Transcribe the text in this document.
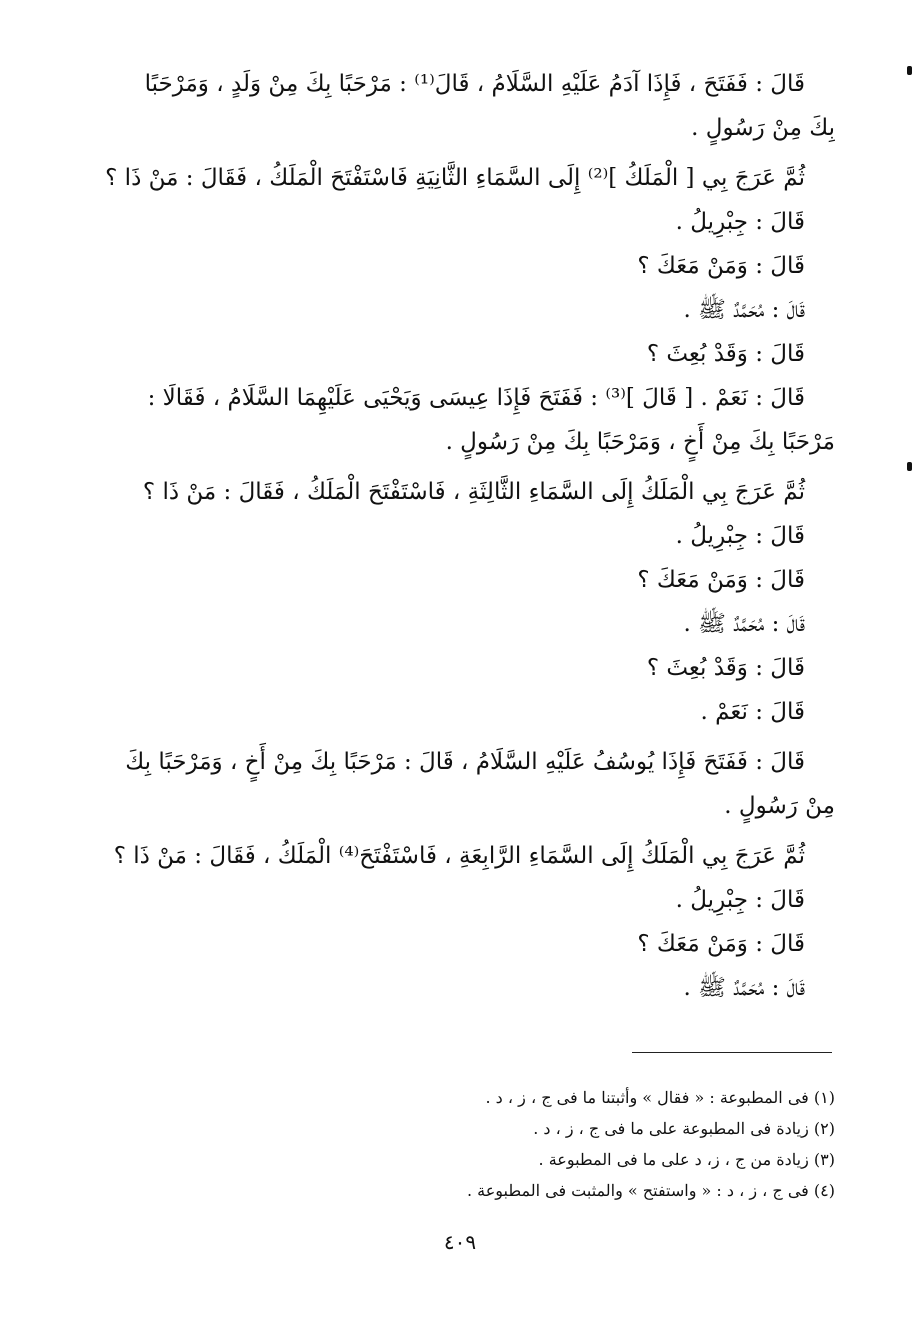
قَالَ : فَفَتَحَ ، فَإِذَا آدَمُ عَلَيْهِ السَّلَامُ ، قَالَ⁽¹⁾ : مَرْحَبًا بِكَ مِنْ وَلَدٍ ، وَمَرْحَبًا
بِكَ مِنْ رَسُولٍ .
ثُمَّ عَرَجَ بِي [ الْمَلَكُ ]⁽²⁾ إِلَى السَّمَاءِ الثَّانِيَةِ فَاسْتَفْتَحَ الْمَلَكُ ، فَقَالَ : مَنْ ذَا ؟
قَالَ : جِبْرِيلُ .
قَالَ : وَمَنْ مَعَكَ ؟
قَالَ : مُحَمَّدٌ ﷺ .
قَالَ : وَقَدْ بُعِثَ ؟
قَالَ : نَعَمْ . [ قَالَ ]⁽³⁾ : فَفَتَحَ فَإِذَا عِيسَى وَيَحْيَى عَلَيْهِمَا السَّلَامُ ، فَقَالَا :
مَرْحَبًا بِكَ مِنْ أَخٍ ، وَمَرْحَبًا بِكَ مِنْ رَسُولٍ .
ثُمَّ عَرَجَ بِي الْمَلَكُ إِلَى السَّمَاءِ الثَّالِثَةِ ، فَاسْتَفْتَحَ الْمَلَكُ ، فَقَالَ : مَنْ ذَا ؟
قَالَ : جِبْرِيلُ .
قَالَ : وَمَنْ مَعَكَ ؟
قَالَ : مُحَمَّدٌ ﷺ .
قَالَ : وَقَدْ بُعِثَ ؟
قَالَ : نَعَمْ .
قَالَ : فَفَتَحَ فَإِذَا يُوسُفُ عَلَيْهِ السَّلَامُ ، قَالَ : مَرْحَبًا بِكَ مِنْ أَخٍ ، وَمَرْحَبًا بِكَ
مِنْ رَسُولٍ .
ثُمَّ عَرَجَ بِي الْمَلَكُ إِلَى السَّمَاءِ الرَّابِعَةِ ، فَاسْتَفْتَحَ⁽⁴⁾ الْمَلَكُ ، فَقَالَ : مَنْ ذَا ؟
قَالَ : جِبْرِيلُ .
قَالَ : وَمَنْ مَعَكَ ؟
قَالَ : مُحَمَّدٌ ﷺ .
(١) فى المطبوعة : « فقال » وأثبتنا ما فى ج ، ز ، د .
(٢) زيادة فى المطبوعة على ما فى ج ، ز ، د .
(٣) زيادة من ج ، ز، د على ما فى المطبوعة .
(٤) فى ج ، ز ، د : « واستفتح » والمثبت فى المطبوعة .
٤٠٩
